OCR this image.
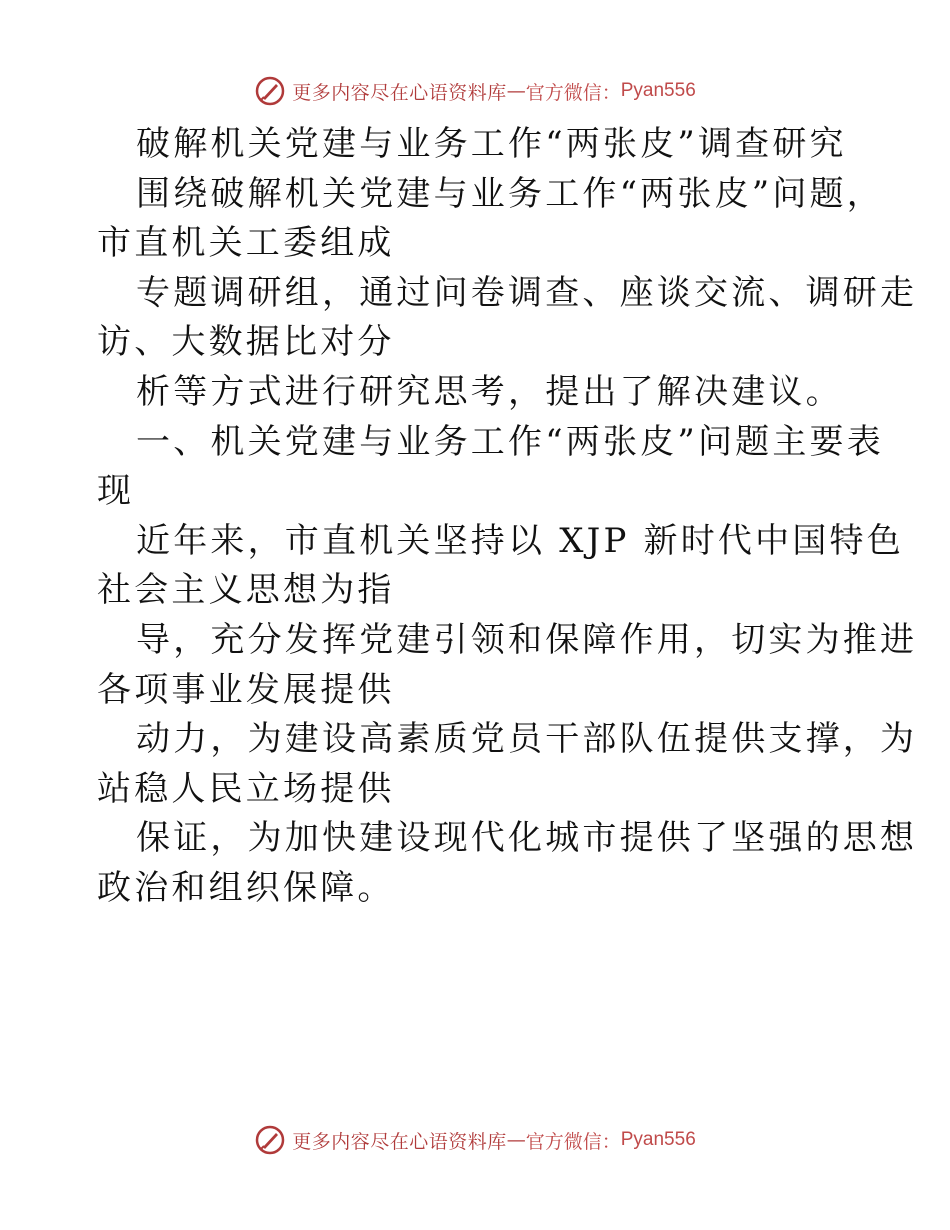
更多内容尽在心语资料库 — 官方微信： Pyan556
破解机关党建与业务工作“两张皮”调查研究
围绕破解机关党建与业务工作“两张皮”问题，
市直机关工委组成
专题调研组，通过问卷调查、座谈交流、调研走
访、大数据比对分
析等方式进行研究思考，提出了解决建议。
一、机关党建与业务工作“两张皮”问题主要表
现
近年来，市直机关坚持以 XJP 新时代中国特色
社会主义思想为指
导，充分发挥党建引领和保障作用，切实为推进
各项事业发展提供
动力，为建设高素质党员干部队伍提供支撑，为
站稳人民立场提供
保证，为加快建设现代化城市提供了坚强的思想
政治和组织保障。
更多内容尽在心语资料库 — 官方微信： Pyan556
